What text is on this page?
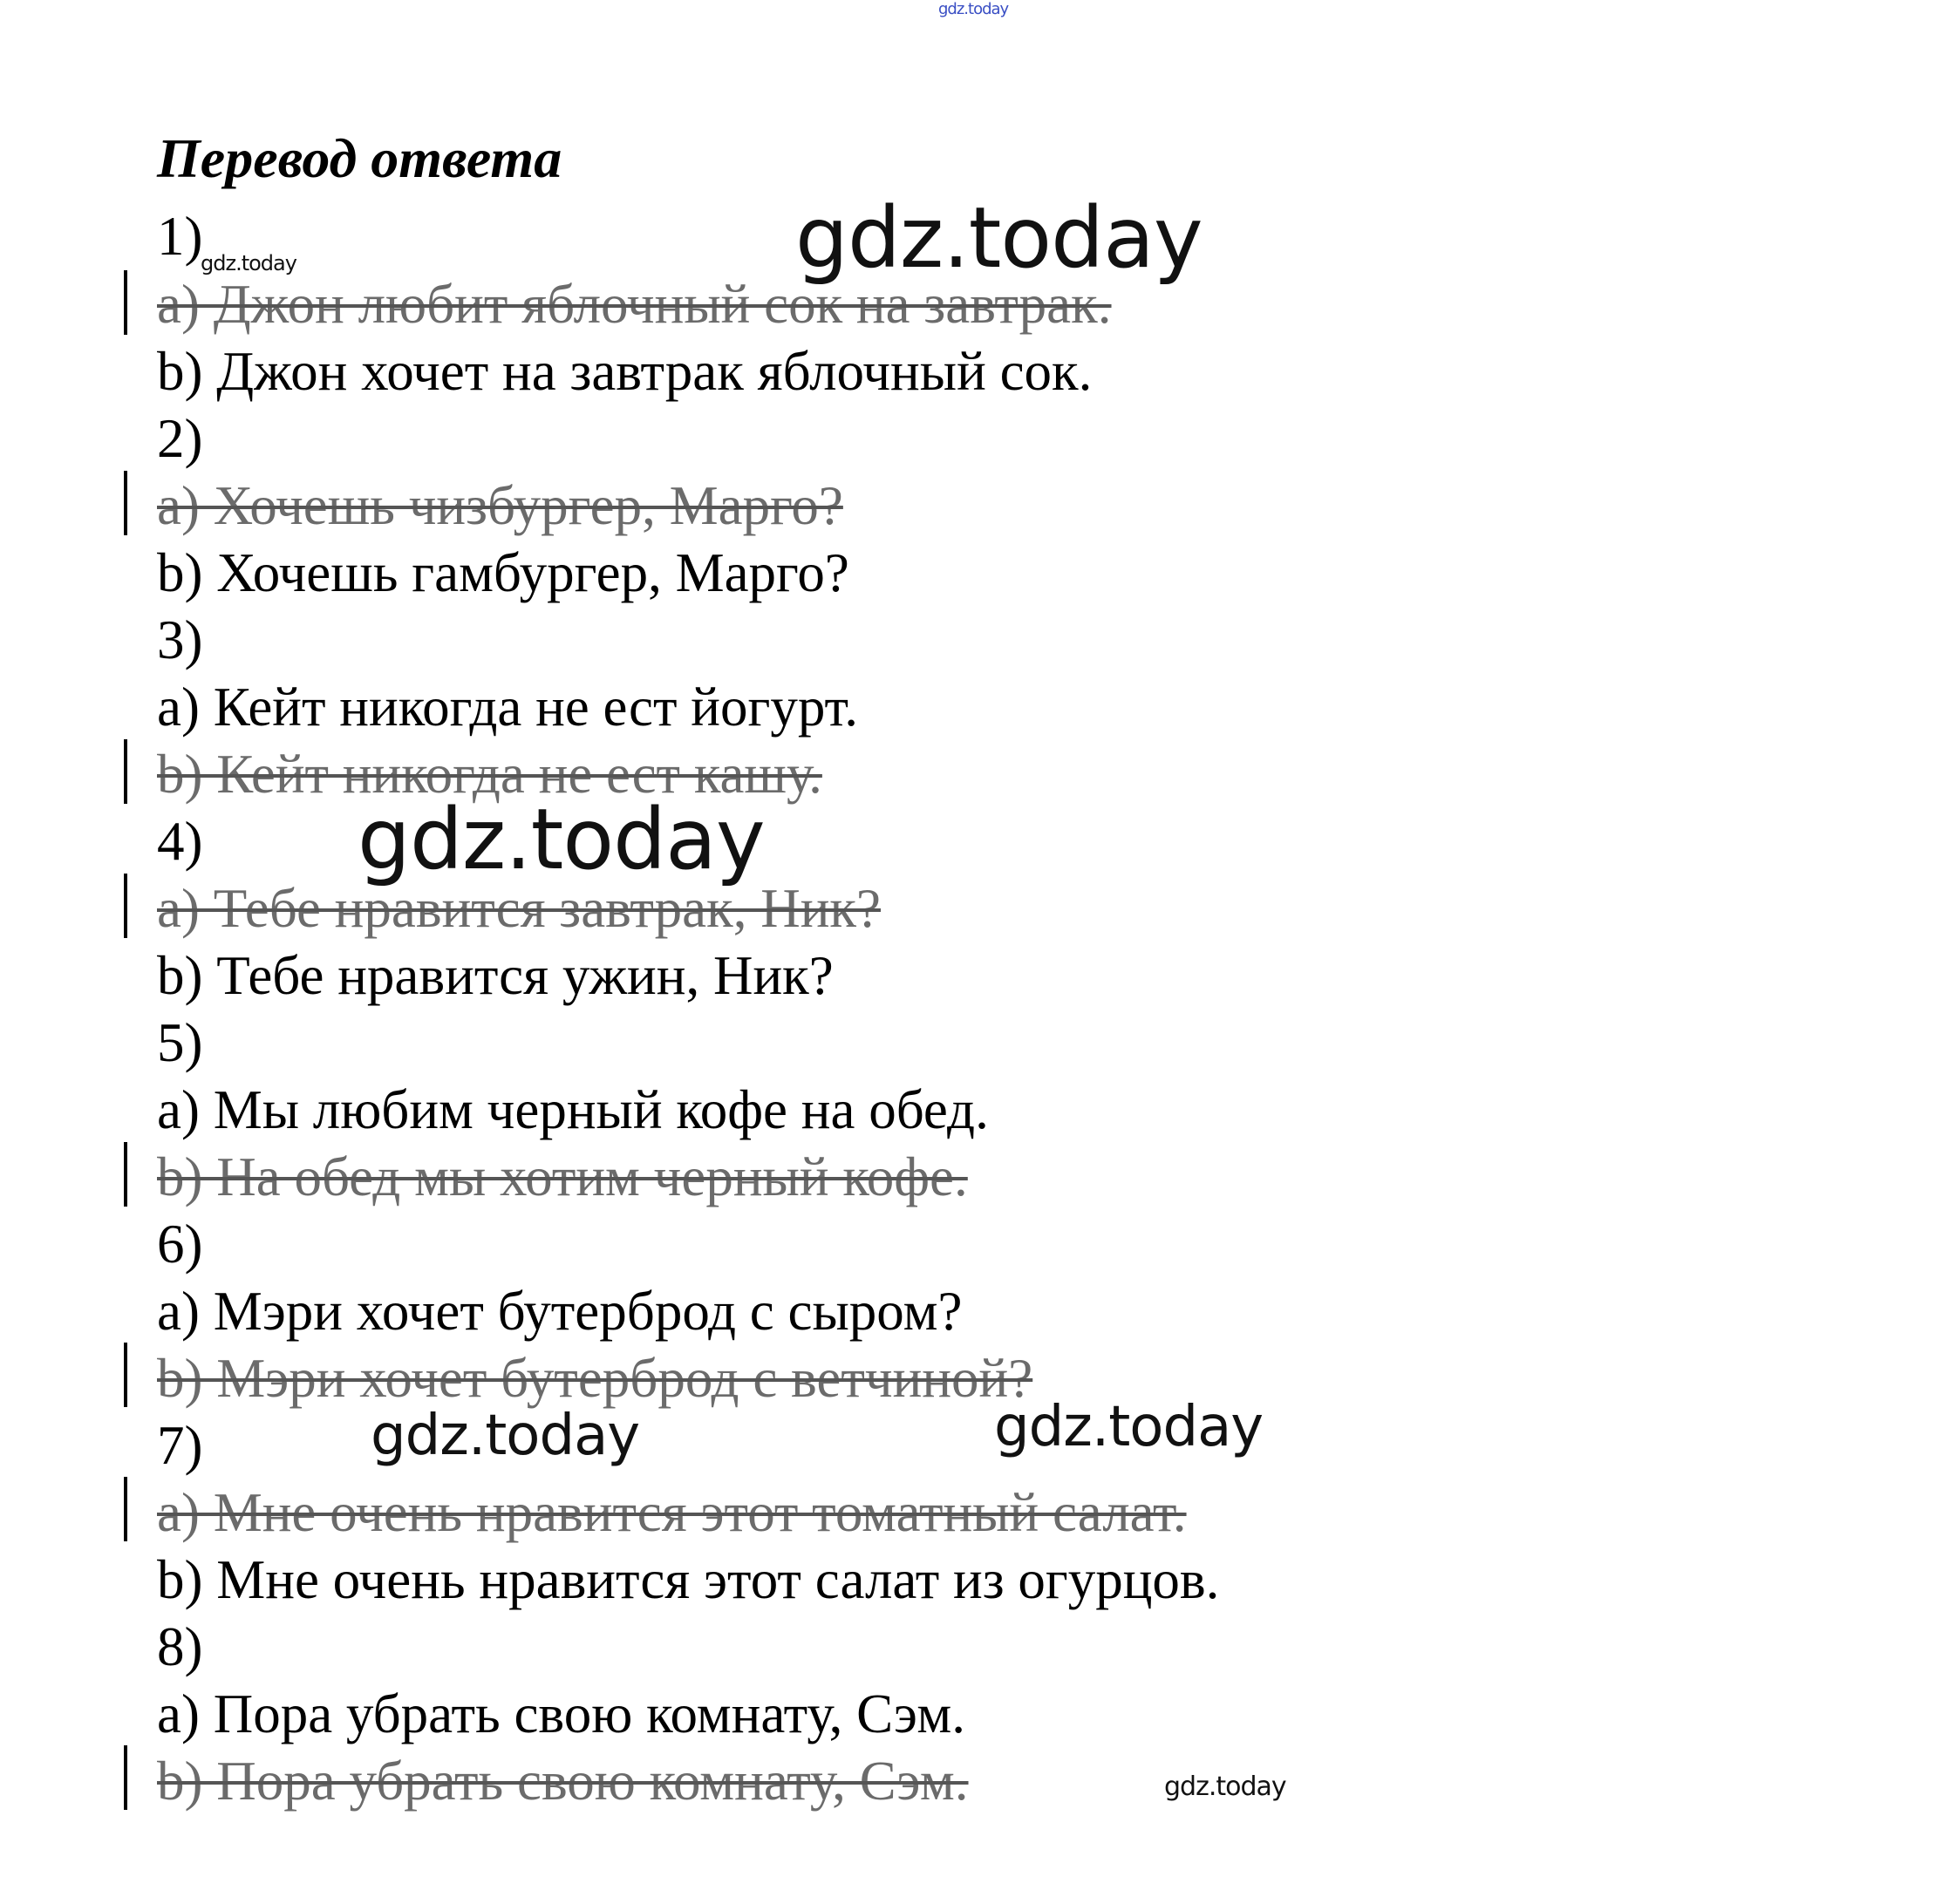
gdz.today
Перевод ответа
1)
a) Джон любит яблочный сок на завтрак.
b) Джон хочет на завтрак яблочный сок.
2)
a) Хочешь чизбургер, Марго?
b) Хочешь гамбургер, Марго?
3)
a) Кейт никогда не ест йогурт.
b) Кейт никогда не ест кашу.
4)
a) Тебе нравится завтрак, Ник?
b) Тебе нравится ужин, Ник?
5)
a) Мы любим черный кофе на обед.
b) На обед мы хотим черный кофе.
6)
a) Мэри хочет бутерброд с сыром?
b) Мэри хочет бутерброд с ветчиной?
7)
a) Мне очень нравится этот томатный салат.
b) Мне очень нравится этот салат из огурцов.
8)
a) Пора убрать свою комнату, Сэм.
b) Пора убрать свою комнату, Сэм.
gdz.today	gdz.today
gdz.today
gdz.today	gdz.today
gdz.today
